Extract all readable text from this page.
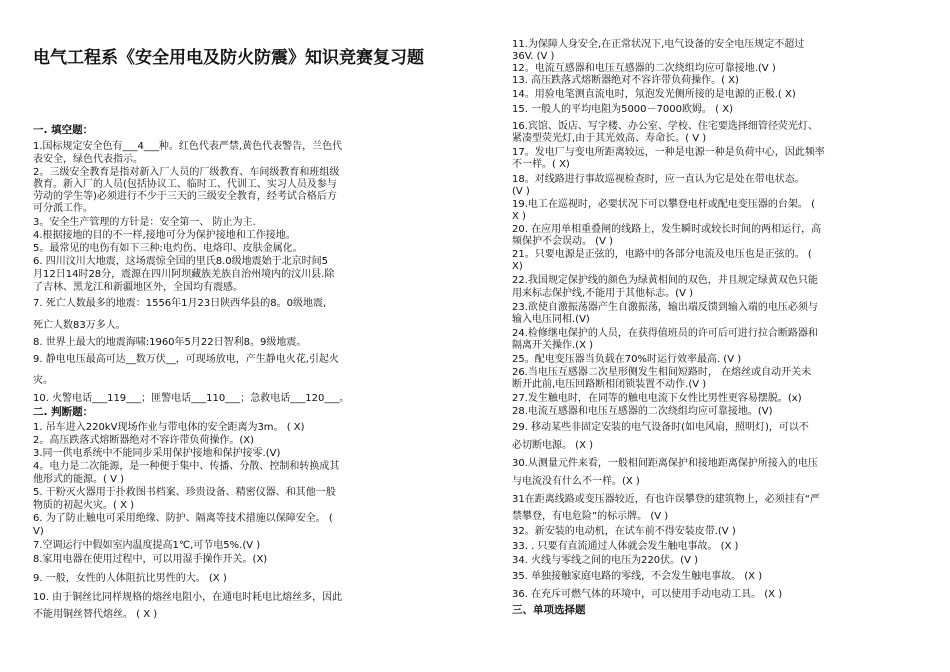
电气工程系《安全用电及防火防震》知识竞赛复习题
一. 填空题：
1.国标规定安全色有___4___种。红色代表严禁,黄色代表警告，兰色代
表安全，绿色代表指示。
2。三级安全教育是指对新入厂人员的厂级教育、车间级教育和班组级
教育。新入厂的人员(包括协议工、临时工、代训工、实习人员及参与
劳动的学生等)必须进行不少于三天的三级安全教育，经考试合格后方
可分派工作。
3。安全生产管理的方针是：安全第一、 防止为主.
4.根据接地的目的不一样,接地可分为保护接地和工作接地。
5。最常见的电伤有如下三种:电灼伤、电烙印、皮肤金属化。
6. 四川汶川大地震，这场震惊全国的里氏8.0级地震始于北京时间5
月12日14时28分，震源在四川阿坝藏族羌族自治州境内的汶川县.除
了吉林、黑龙江和新疆地区外，全国均有震感。
7. 死亡人数最多的地震：1556年1月23日陕西华县的8。0级地震,
死亡人数83万多人。
8. 世界上最大的地震海啸:1960年5月22日智利8。9级地震。
9. 静电电压最高可达__数万伏__，可现场放电，产生静电火花,引起火
灾。
10. 火警电话___119___；匪警电话___110___；急救电话___120___。
二. 判断题：
1. 吊车进入220kV现场作业与带电体的安全距离为3m。 ( X)
2。高压跌落式熔断器绝对不容许带负荷操作。(X)
3.同一供电系统中不能同步采用保护接地和保护接零.(V)
4。电力是二次能源，是一种便于集中、传播、分散、控制和转换成其
他形式的能源。( V )
5. 干粉灭火器用于扑救图书档案、珍贵设备、精密仪器、和其他一般
物质的初起火灾。( X )
6. 为了防止触电可采用绝缘、防护、隔离等技术措施以保障安全。 (
V)
7.空调运行中假如室内温度提高1℃,可节电5%.(V )
8.家用电器在使用过程中，可以用湿手操作开关。(X)
9. 一般，女性的人体阻抗比男性的大。 (X )
10. 由于铜丝比同样规格的熔丝电阻小，在通电时耗电比熔丝多，因此
不能用铜丝替代熔丝。 ( X )
11.为保障人身安全,在正常状况下,电气设备的安全电压规定不超过
36V. (V )
12。电流互感器和电压互感器的二次绕组均应可靠接地.(V )
13. 高压跌落式熔断器绝对不容许带负荷操作。( X)
14。用验电笔测直流电时，氖泡发光侧所接的是电源的正极.( X)
15. 一般人的平均电阻为5000－7000欧姆。 ( X)
16.宾馆、饭店、写字楼、办公室、学校、住宅要选择细管径荧光灯、
紧凑型荧光灯,由于其光效高、寿命长。( V )
17。发电厂与变电所距离较远，一种是电源一种是负荷中心，因此频率
不一样。( X)
18。对线路进行事故巡视检查时，应一直认为它是处在带电状态。
(V )
19.电工在巡视时，必要状况下可以攀登电杆或配电变压器的台架。 (
X )
20. 在应用单相重叠闸的线路上，发生瞬时或较长时间的两相运行，高
频保护不会误动。 (V )
21。只要电源是正弦的，电路中的各部分电流及电压也是正弦的。 (
X)
22.我国规定保护线的颜色为绿黄相间的双色，并且规定绿黄双色只能
用来标志保护线,不能用于其他标志。(V )
23.欲使自激振荡器产生自激振荡，输出端反馈到输入端的电压必须与
输入电压同相.(V)
24.检修继电保护的人员，在获得值班员的许可后可进行拉合断路器和
隔离开关操作.(X )
25。配电变压器当负载在70%时运行效率最高. (V )
26.当电压互感器二次星形侧发生相间短路时， 在熔丝或自动开关未
断开此前,电压回路断相闭锁装置不动作.(V )
27.发生触电时，在同等的触电电流下女性比男性更容易摆脱。(x)
28.电流互感器和电压互感器的二次绕组均应可靠接地。(V)
29. 移动某些非固定安装的电气设备时(如电风扇，照明灯)，可以不
必切断电源。 (X )
30.从测量元件来看，一般相间距离保护和接地距离保护所接入的电压
与电流没有什么不一样。(X )
31在距离线路或变压器较近，有也许误攀登的建筑物上，必须挂有“严
禁攀登，有电危险”的标示牌。 (V )
32。新安装的电动机，在试车前不得安装皮带.(V )
33. . 只要有直流通过人体就会发生触电事故。 (X )
34. 火线与零线之间的电压为220伏。(V )
35. 单独接触家庭电路的零线，不会发生触电事故。 (X )
36. 在充斥可燃气体的环境中，可以使用手动电动工具。 (X )
三、单项选择题
